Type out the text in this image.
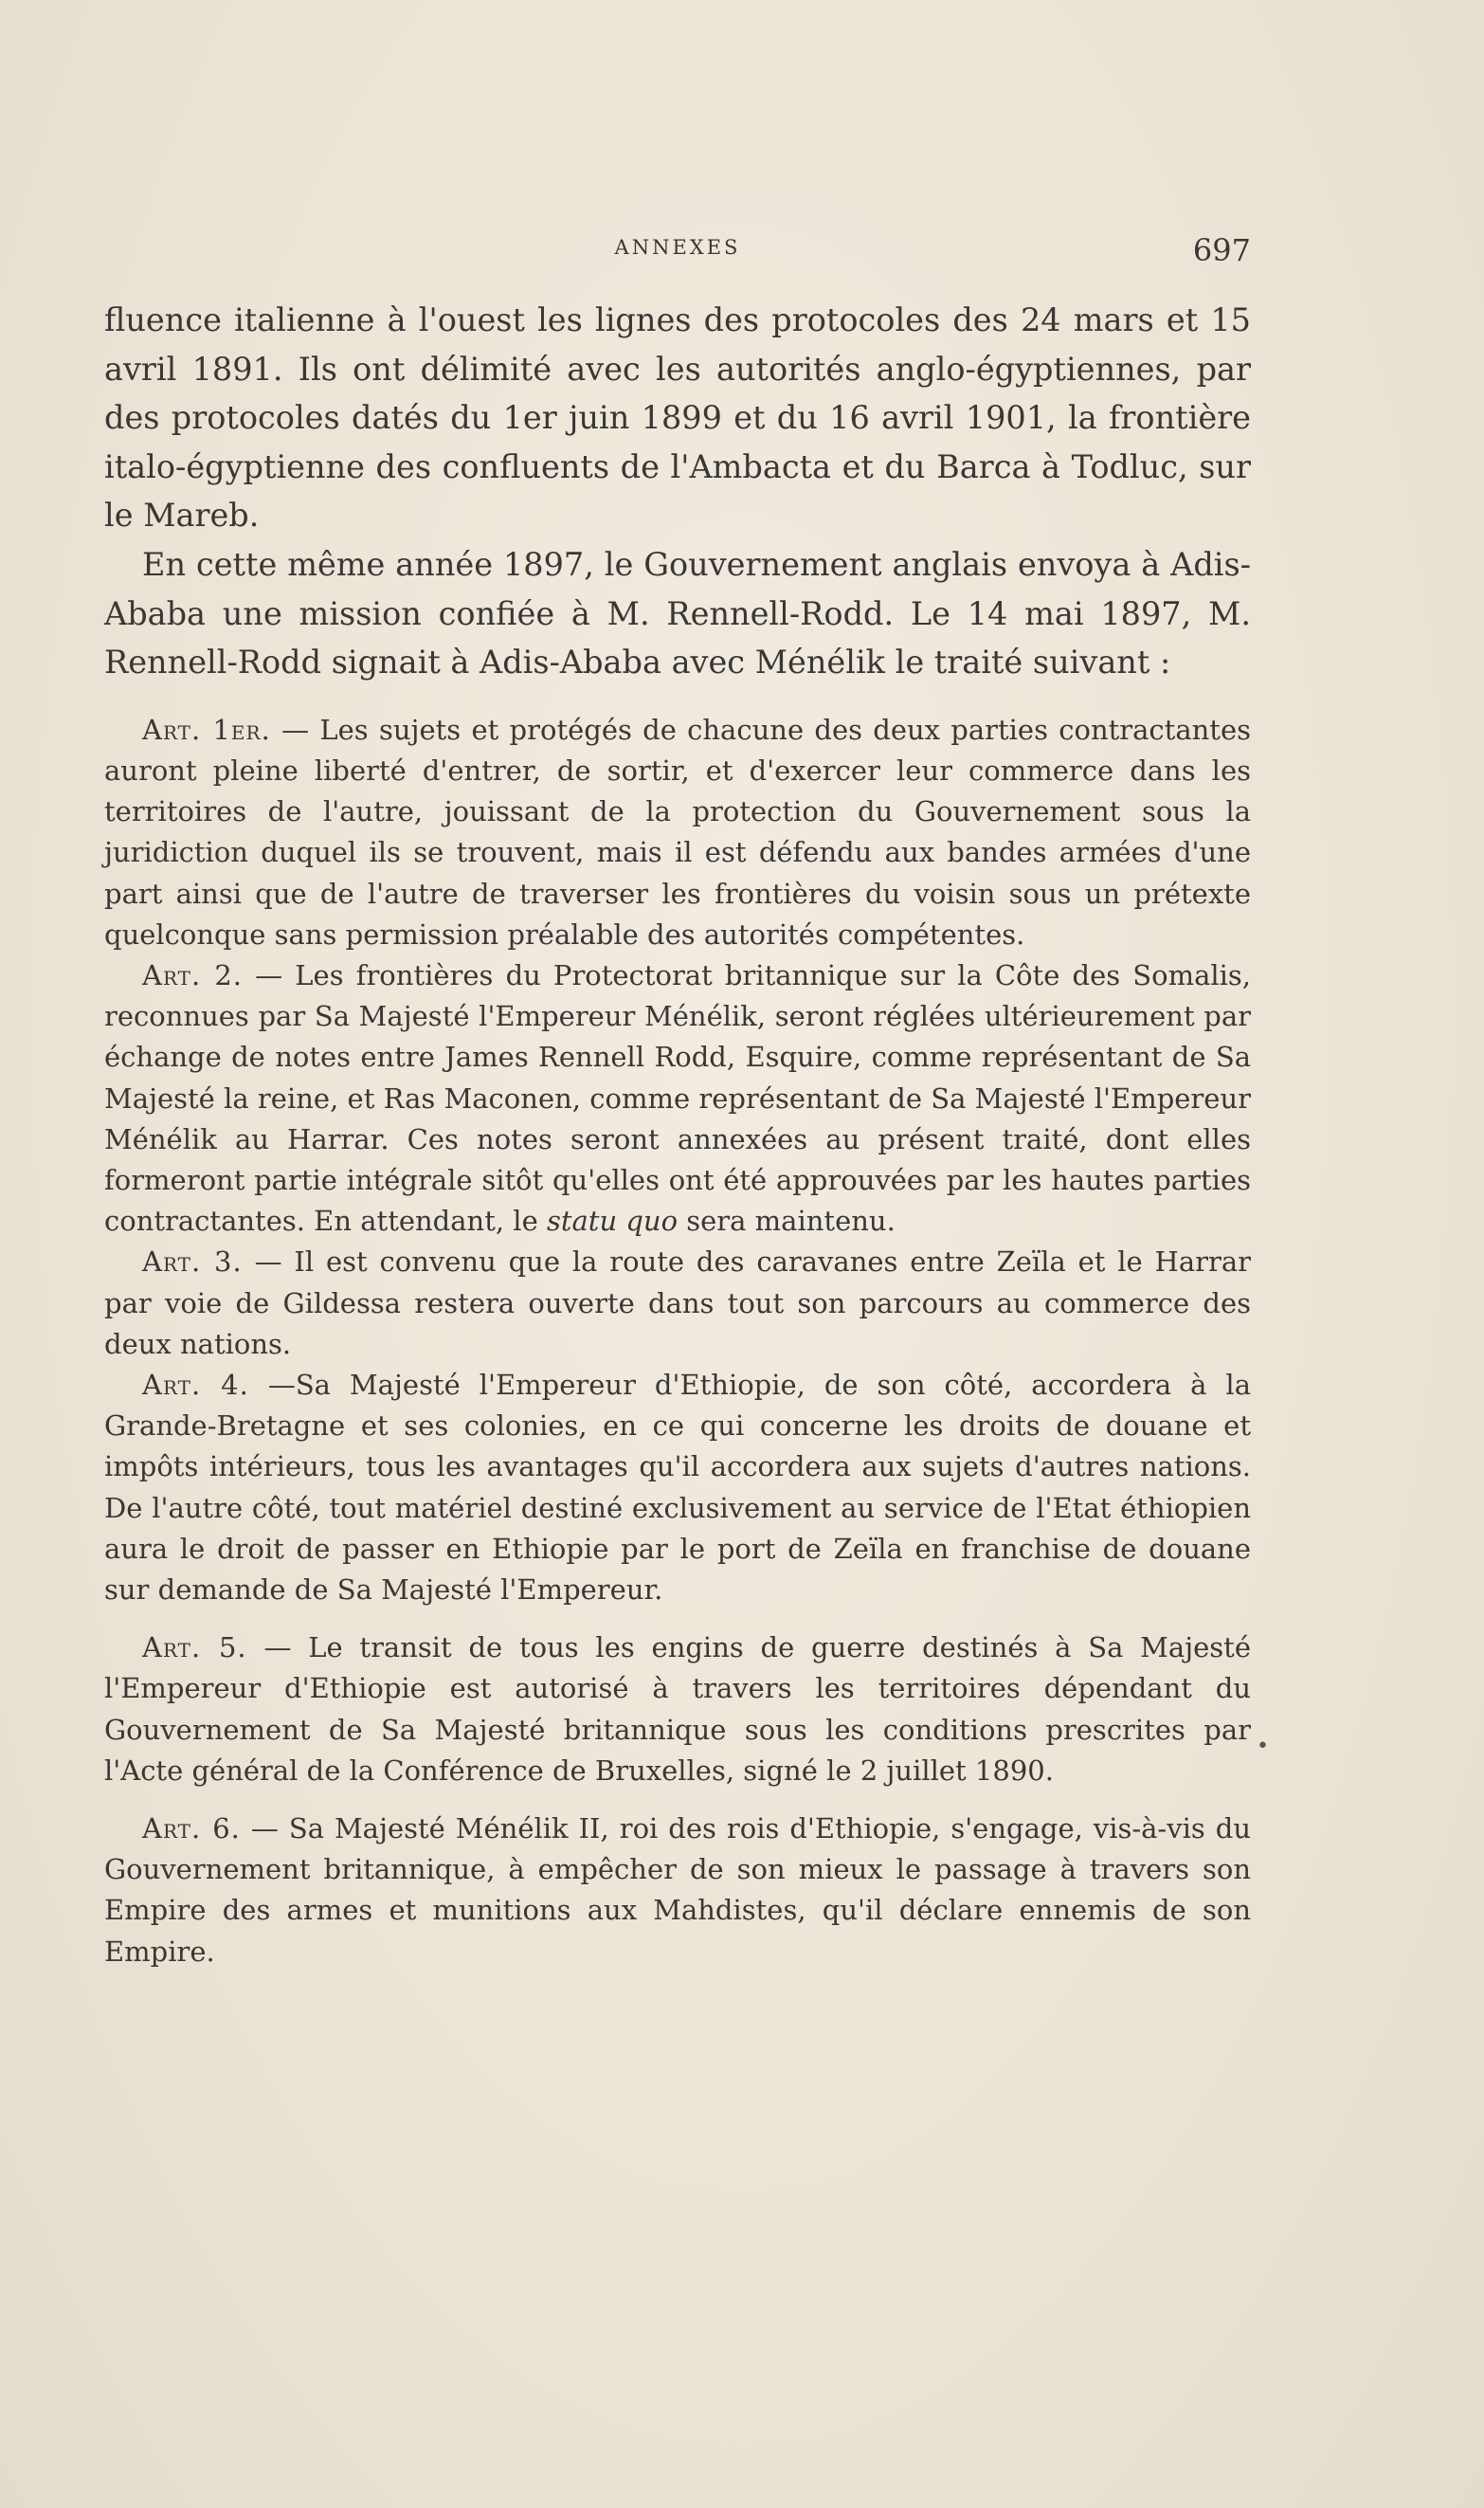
ANNEXES	697

fluence italienne à l'ouest les lignes des protocoles des 24 mars et 15 avril 1891. Ils ont délimité avec les autorités anglo-égyptiennes, par des protocoles datés du 1er juin 1899 et du 16 avril 1901, la frontière italo-égyptienne des confluents de l'Ambacta et du Barca à Todluc, sur le Mareb.

En cette même année 1897, le Gouvernement anglais envoya à Adis-Ababa une mission confiée à M. Rennell-Rodd. Le 14 mai 1897, M. Rennell-Rodd signait à Adis-Ababa avec Ménélik le traité suivant :

Art. 1er. — Les sujets et protégés de chacune des deux parties contractantes auront pleine liberté d'entrer, de sortir, et d'exercer leur commerce dans les territoires de l'autre, jouissant de la protection du Gouvernement sous la juridiction duquel ils se trouvent, mais il est défendu aux bandes armées d'une part ainsi que de l'autre de traverser les frontières du voisin sous un prétexte quelconque sans permission préalable des autorités compétentes.

Art. 2. — Les frontières du Protectorat britannique sur la Côte des Somalis, reconnues par Sa Majesté l'Empereur Ménélik, seront réglées ultérieurement par échange de notes entre James Rennell Rodd, Esquire, comme représentant de Sa Majesté la reine, et Ras Maconen, comme représentant de Sa Majesté l'Empereur Ménélik au Harrar. Ces notes seront annexées au présent traité, dont elles formeront partie intégrale sitôt qu'elles ont été approuvées par les hautes parties contractantes. En attendant, le statu quo sera maintenu.

Art. 3. — Il est convenu que la route des caravanes entre Zeïla et le Harrar par voie de Gildessa restera ouverte dans tout son parcours au commerce des deux nations.

Art. 4. —Sa Majesté l'Empereur d'Ethiopie, de son côté, accordera à la Grande-Bretagne et ses colonies, en ce qui concerne les droits de douane et impôts intérieurs, tous les avantages qu'il accordera aux sujets d'autres nations. De l'autre côté, tout matériel destiné exclusivement au service de l'Etat éthiopien aura le droit de passer en Ethiopie par le port de Zeïla en franchise de douane sur demande de Sa Majesté l'Empereur.

Art. 5. — Le transit de tous les engins de guerre destinés à Sa Majesté l'Empereur d'Ethiopie est autorisé à travers les territoires dépendant du Gouvernement de Sa Majesté britannique sous les conditions prescrites par l'Acte général de la Conférence de Bruxelles, signé le 2 juillet 1890.

Art. 6. — Sa Majesté Ménélik II, roi des rois d'Ethiopie, s'engage, vis-à-vis du Gouvernement britannique, à empêcher de son mieux le passage à travers son Empire des armes et munitions aux Mahdistes, qu'il déclare ennemis de son Empire.

•
